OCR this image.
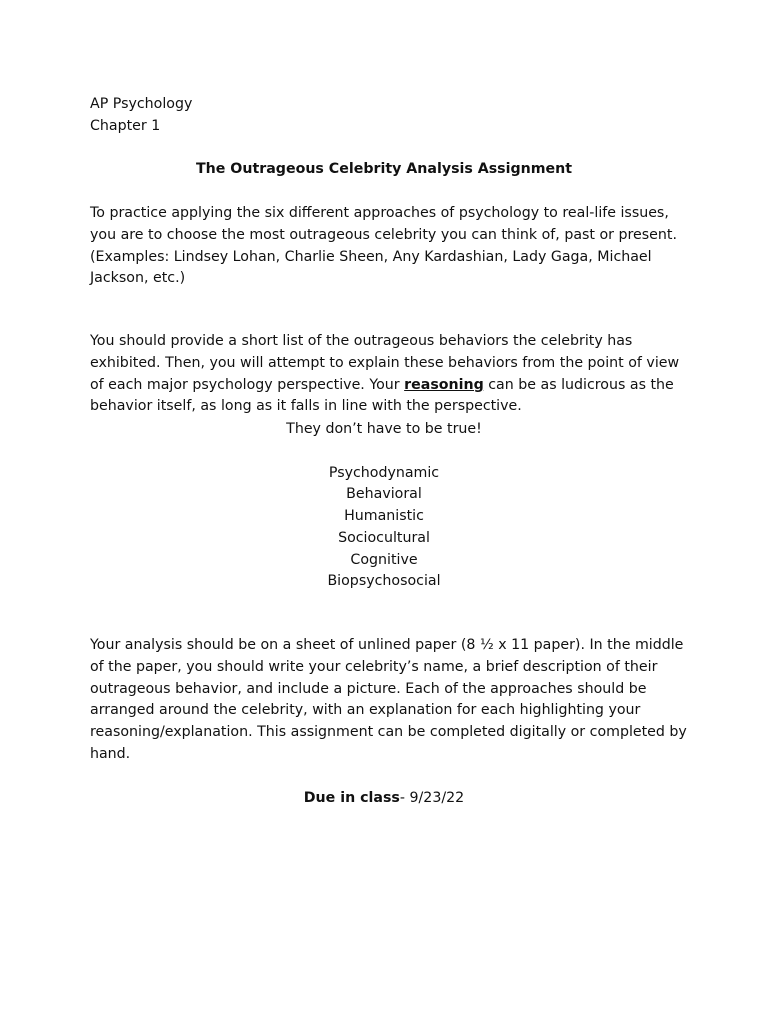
AP Psychology
Chapter 1
The Outrageous Celebrity Analysis Assignment
To practice applying the six different approaches of psychology to real-life issues,
you are to choose the most outrageous celebrity you can think of, past or present.
(Examples: Lindsey Lohan, Charlie Sheen, Any Kardashian, Lady Gaga, Michael
Jackson, etc.)
You should provide a short list of the outrageous behaviors the celebrity has
exhibited. Then, you will attempt to explain these behaviors from the point of view
of each major psychology perspective. Your reasoning can be as ludicrous as the
behavior itself, as long as it falls in line with the perspective.
They don’t have to be true!
Psychodynamic
Behavioral
Humanistic
Sociocultural
Cognitive
Biopsychosocial
Your analysis should be on a sheet of unlined paper (8 ½ x 11 paper). In the middle
of the paper, you should write your celebrity’s name, a brief description of their
outrageous behavior, and include a picture. Each of the approaches should be
arranged around the celebrity, with an explanation for each highlighting your
reasoning/explanation. This assignment can be completed digitally or completed by
hand.
Due in class- 9/23/22
